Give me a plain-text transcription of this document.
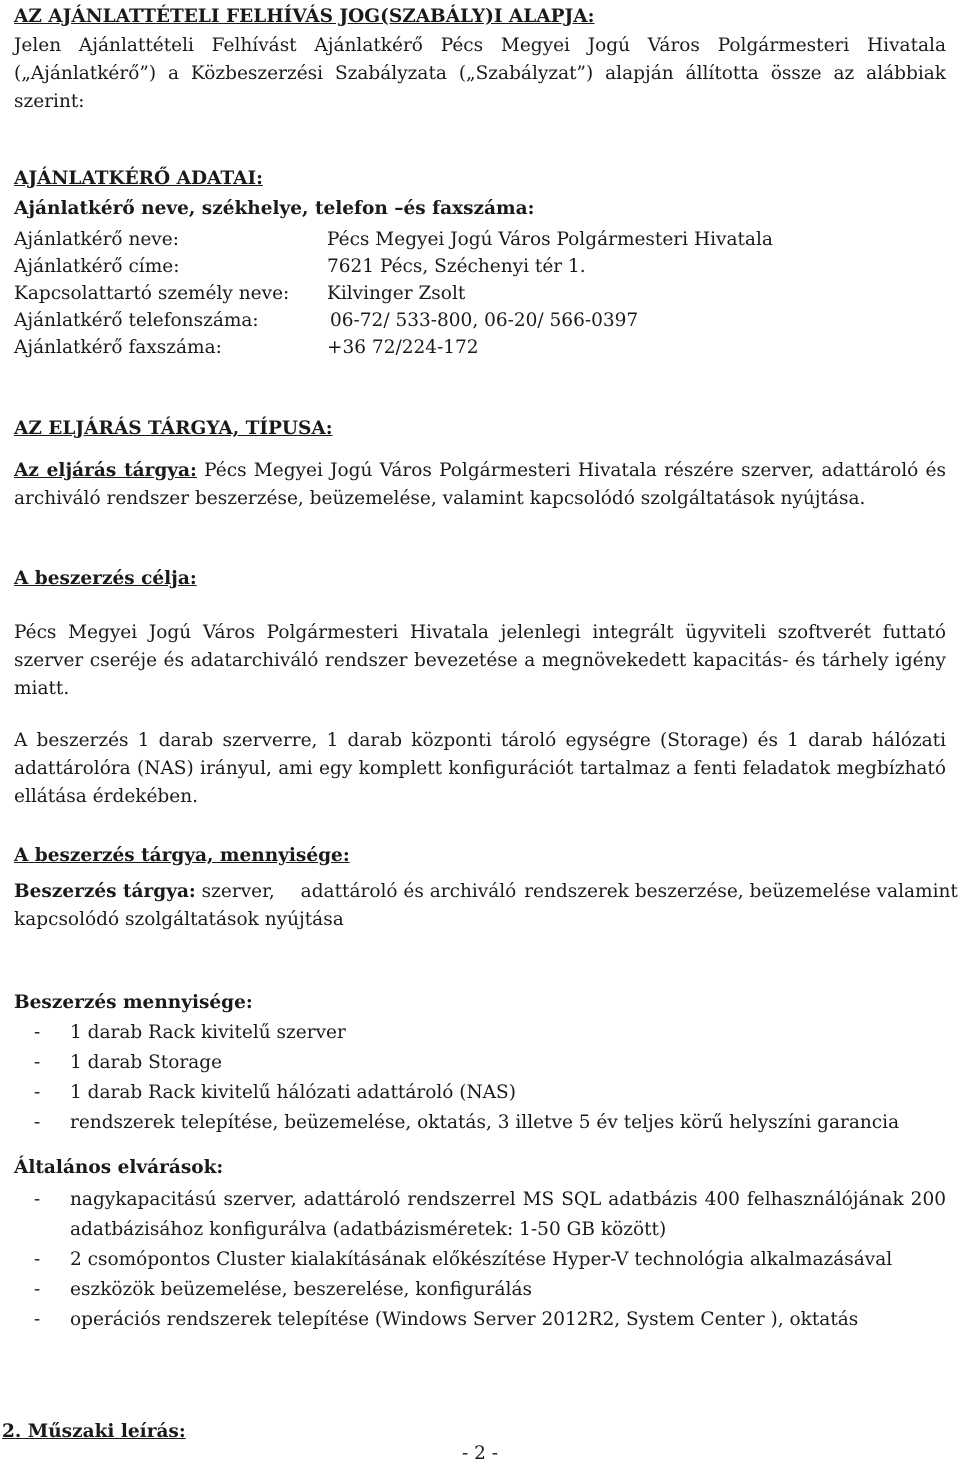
AZ AJÁNLATTÉTELI FELHÍVÁS JOG(SZABÁLY)I ALAPJA:

Jelen Ajánlattételi Felhívást Ajánlatkérő Pécs Megyei Jogú Város Polgármesteri Hivatala („Ajánlatkérő”) a Közbeszerzési Szabályzata („Szabályzat”) alapján állította össze az alábbiak szerint:

AJÁNLATKÉRŐ ADATAI:

Ajánlatkérő neve, székhelye, telefon –és faxszáma:

Ajánlatkérő neve:	Pécs Megyei Jogú Város Polgármesteri Hivatala
Ajánlatkérő címe:	7621 Pécs, Széchenyi tér 1.
Kapcsolattartó személy neve:	Kilvinger Zsolt
Ajánlatkérő telefonszáma:	06-72/ 533-800, 06-20/ 566-0397
Ajánlatkérő faxszáma:	+36 72/224-172

AZ ELJÁRÁS TÁRGYA, TÍPUSA:

Az eljárás tárgya: Pécs Megyei Jogú Város Polgármesteri Hivatala részére szerver, adattároló és archiváló rendszer beszerzése, beüzemelése, valamint kapcsolódó szolgáltatások nyújtása.

A beszerzés célja:

Pécs Megyei Jogú Város Polgármesteri Hivatala jelenlegi integrált ügyviteli szoftverét futtató szerver cseréje és adatarchiváló rendszer bevezetése a megnövekedett kapacitás- és tárhely igény miatt.

A beszerzés 1 darab szerverre, 1 darab központi tároló egységre (Storage) és 1 darab hálózati adattárolóra (NAS) irányul, ami egy komplett konfigurációt tartalmaz a fenti feladatok megbízható ellátása érdekében.

A beszerzés tárgya, mennyisége:

Beszerzés tárgya: szerver, adattároló és archiváló rendszerek beszerzése, beüzemelése valamint

kapcsolódó szolgáltatások nyújtása

Beszerzés mennyisége:

-	1 darab Rack kivitelű szerver
-	1 darab Storage
-	1 darab Rack kivitelű hálózati adattároló (NAS)
-	rendszerek telepítése, beüzemelése, oktatás, 3 illetve 5 év teljes körű helyszíni garancia

Általános elvárások:

-	nagykapacitású szerver, adattároló rendszerrel MS SQL adatbázis 400 felhasználójának 200 adatbázisához konfigurálva (adatbázisméretek: 1-50 GB között)
-	2 csomópontos Cluster kialakításának előkészítése Hyper-V technológia alkalmazásával
-	eszközök beüzemelése, beszerelése, konfigurálás
-	operációs rendszerek telepítése (Windows Server 2012R2, System Center ), oktatás

2. Műszaki leírás:

- 2 -
